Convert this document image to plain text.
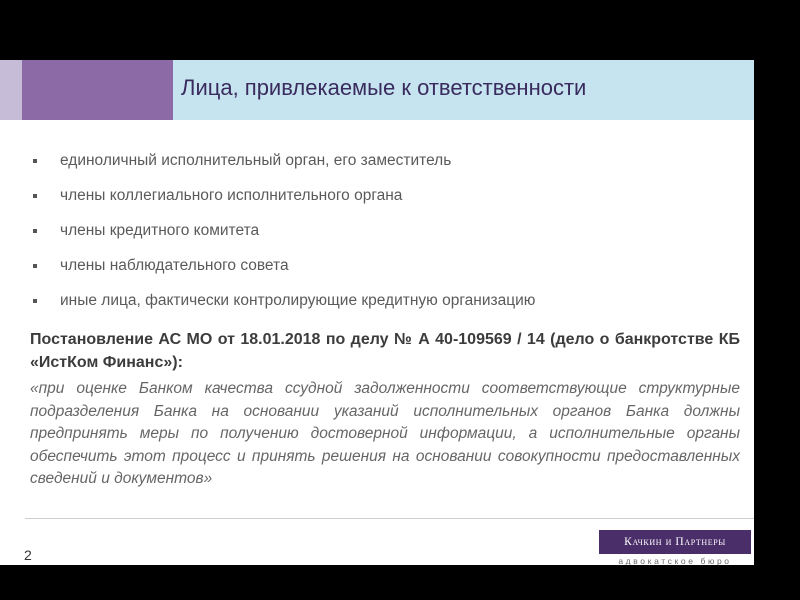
Лица, привлекаемые к ответственности
единоличный исполнительный орган, его заместитель
члены коллегиального исполнительного органа
члены кредитного комитета
члены наблюдательного совета
иные лица, фактически контролирующие кредитную организацию
Постановление АС МО от 18.01.2018 по делу № А 40-109569 / 14 (дело о банкротстве КБ «ИстКом Финанс»):
«при оценке Банком качества ссудной задолженности соответствующие структурные подразделения Банка на основании указаний исполнительных органов Банка должны предпринять меры по получению достоверной информации, а исполнительные органы обеспечить этот процесс и принять решения на основании совокупности предоставленных сведений и документов»
2
Качкин и Партнеры
адвокатское бюро
